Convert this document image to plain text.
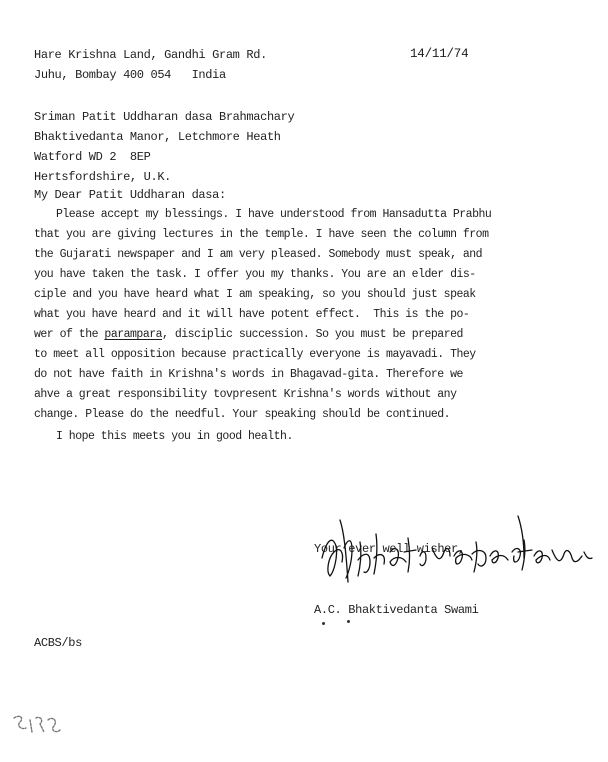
Hare Krishna Land, Gandhi Gram Rd.
Juhu, Bombay 400 054   India
14/11/74
Sriman Patit Uddharan dasa Brahmachary
Bhaktivedanta Manor, Letchmore Heath
Watford WD 2  8EP
Hertsfordshire, U.K.
My Dear Patit Uddharan dasa:
Please accept my blessings. I have understood from Hansadutta Prabhu
that you are giving lectures in the temple. I have seen the column from
the Gujarati newspaper and I am very pleased. Somebody must speak, and
you have taken the task. I offer you my thanks. You are an elder dis-
ciple and you have heard what I am speaking, so you should just speak
what you have heard and it will have potent effect.  This is the po-
wer of the parampara, disciplic succession. So you must be prepared
to meet all opposition because practically everyone is mayavadi. They
do not have faith in Krishna's words in Bhagavad-gita. Therefore we
ahve a great responsibility tovpresent Krishna's words without any
change. Please do the needful. Your speaking should be continued.
I hope this meets you in good health.
Your ever well wisher,
A.C. Bhaktivedanta Swami
ACBS/bs
